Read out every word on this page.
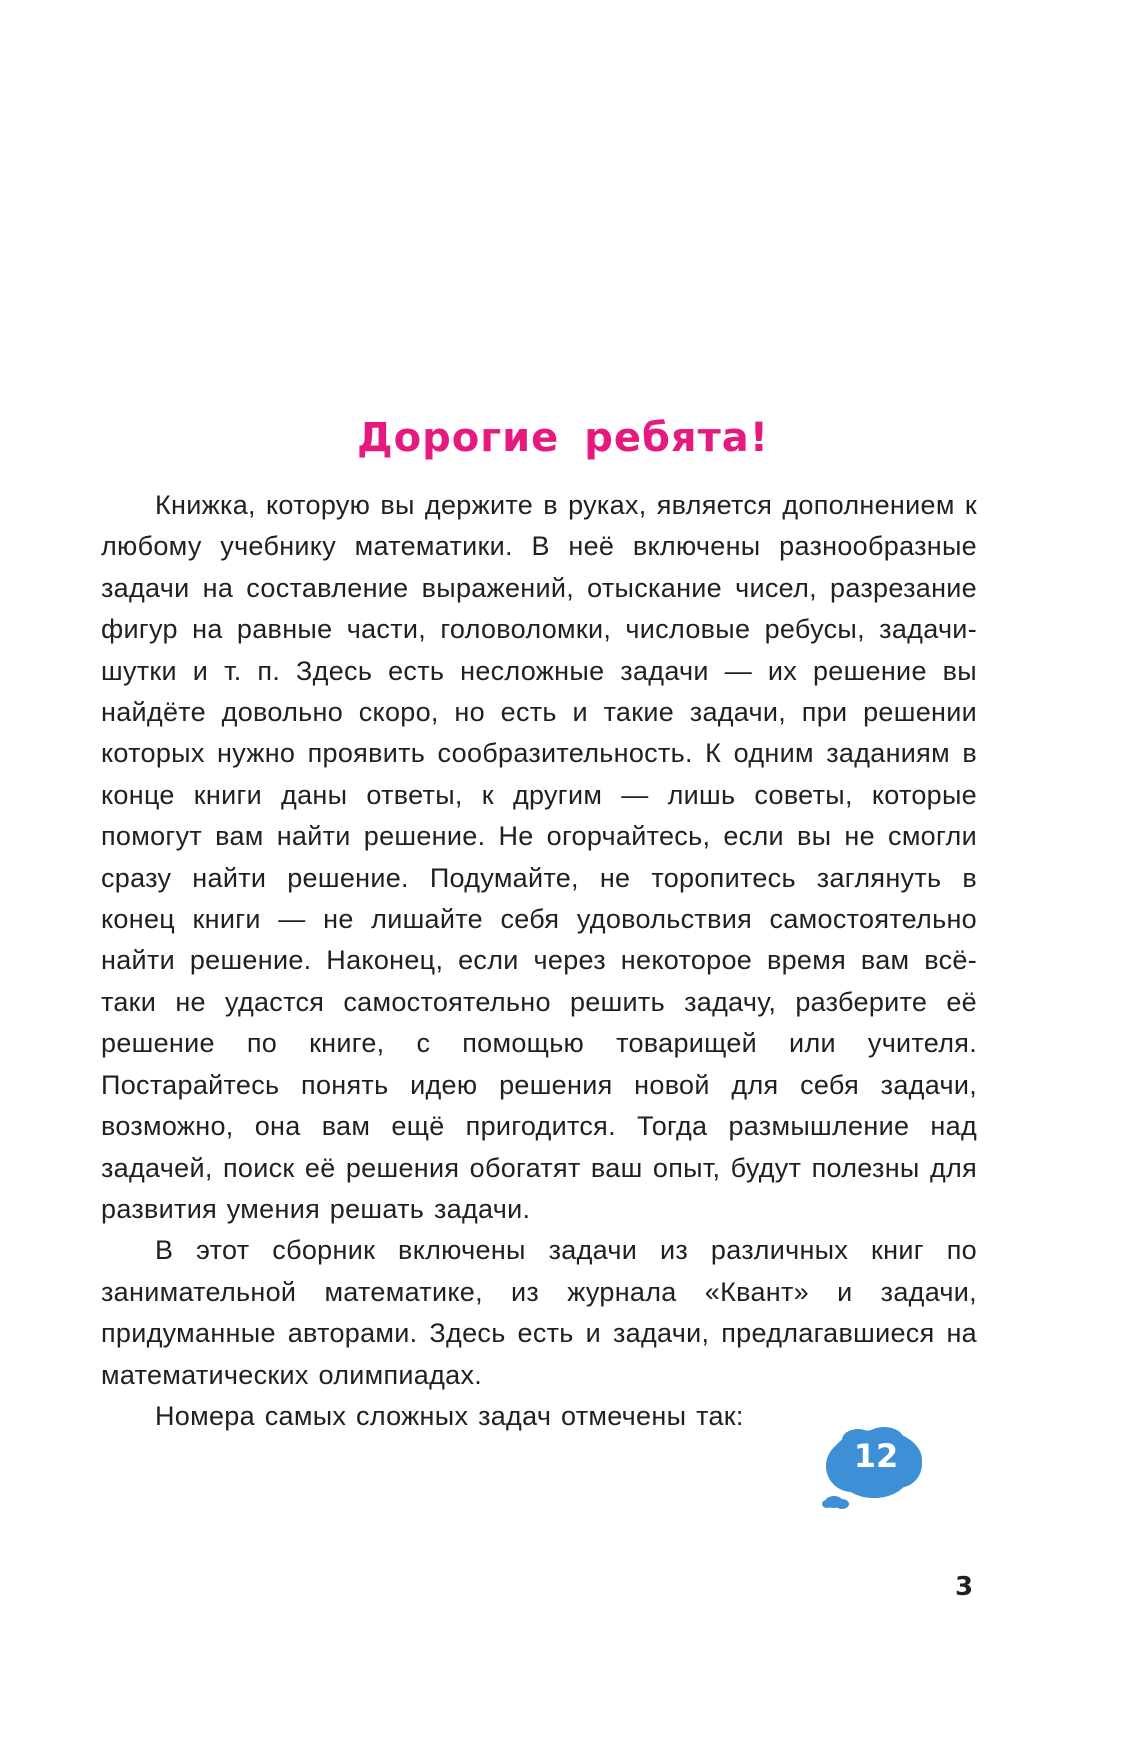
Дорогие ребята!

Книжка, которую вы держите в руках, является дополнением к любому учебнику математики. В неё включены разнообразные задачи на составление выражений, отыскание чисел, разрезание фигур на равные части, головоломки, числовые ребусы, задачи-шутки и т. п. Здесь есть несложные задачи — их решение вы найдёте довольно скоро, но есть и такие задачи, при решении которых нужно проявить сообразительность. К одним заданиям в конце книги даны ответы, к другим — лишь советы, которые помогут вам найти решение. Не огорчайтесь, если вы не смогли сразу найти решение. Подумайте, не торопитесь заглянуть в конец книги — не лишайте себя удовольствия самостоятельно найти решение. Наконец, если через некоторое время вам всё-таки не удастся самостоятельно решить задачу, разберите её решение по книге, с помощью товарищей или учителя. Постарайтесь понять идею решения новой для себя задачи, возможно, она вам ещё пригодится. Тогда размышление над задачей, поиск её решения обогатят ваш опыт, будут полезны для развития умения решать задачи.

В этот сборник включены задачи из различных книг по занимательной математике, из журнала «Квант» и задачи, придуманные авторами. Здесь есть и задачи, предлагавшиеся на математических олимпиадах.

Номера самых сложных задач отмечены так:

12
3
